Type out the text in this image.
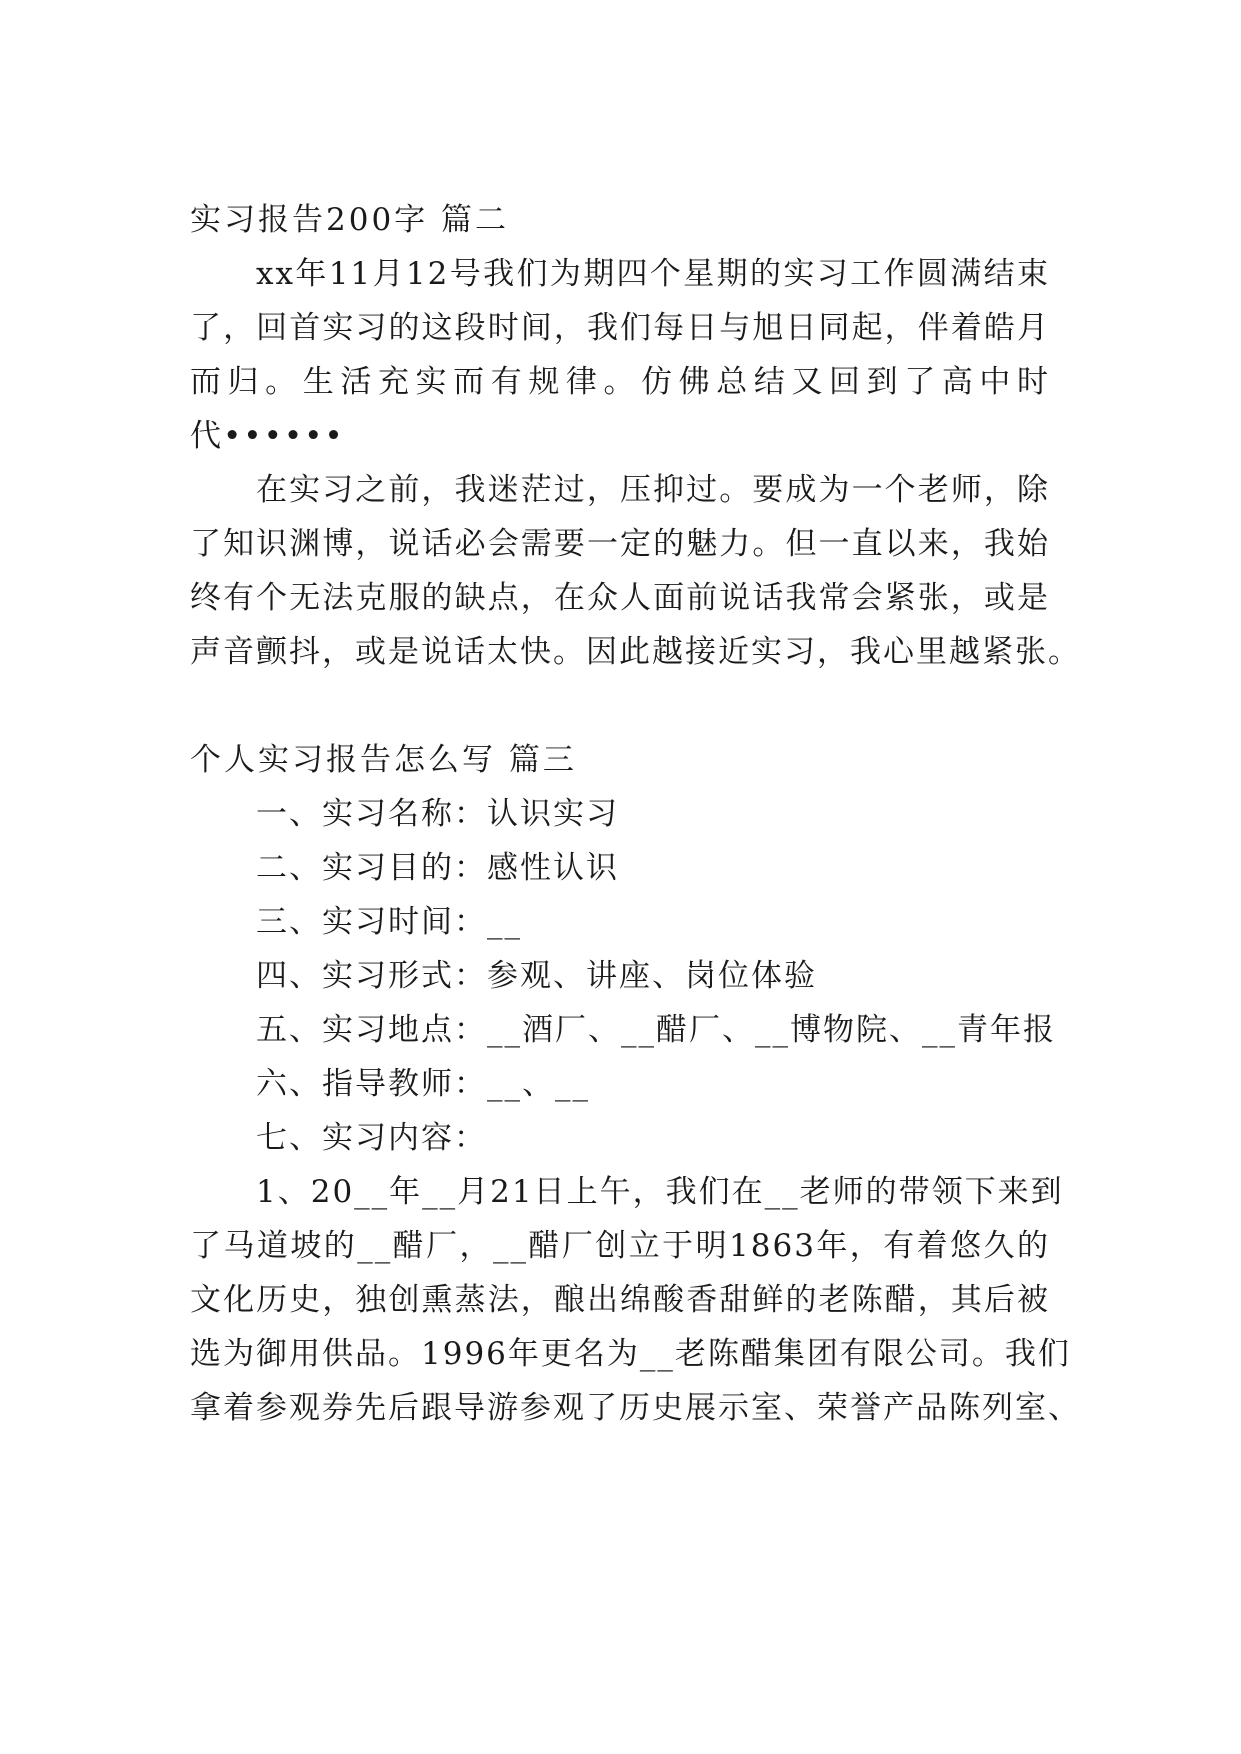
实习报告200字 篇二
xx年11月12号我们为期四个星期的实习工作圆满结束
了，回首实习的这段时间，我们每日与旭日同起，伴着皓月
而归。生活充实而有规律。仿佛总结又回到了高中时
代••••••
在实习之前，我迷茫过，压抑过。要成为一个老师，除
了知识渊博，说话必会需要一定的魅力。但一直以来，我始
终有个无法克服的缺点，在众人面前说话我常会紧张，或是
声音颤抖，或是说话太快。因此越接近实习，我心里越紧张。
个人实习报告怎么写 篇三
一、实习名称：认识实习
二、实习目的：感性认识
三、实习时间：__
四、实习形式：参观、讲座、岗位体验
五、实习地点：__酒厂、__醋厂、__博物院、__青年报
六、指导教师：__、__
七、实习内容：
1、20__年__月21日上午，我们在__老师的带领下来到
了马道坡的__醋厂，__醋厂创立于明1863年，有着悠久的
文化历史，独创熏蒸法，酿出绵酸香甜鲜的老陈醋，其后被
选为御用供品。1996年更名为__老陈醋集团有限公司。我们
拿着参观券先后跟导游参观了历史展示室、荣誉产品陈列室、
